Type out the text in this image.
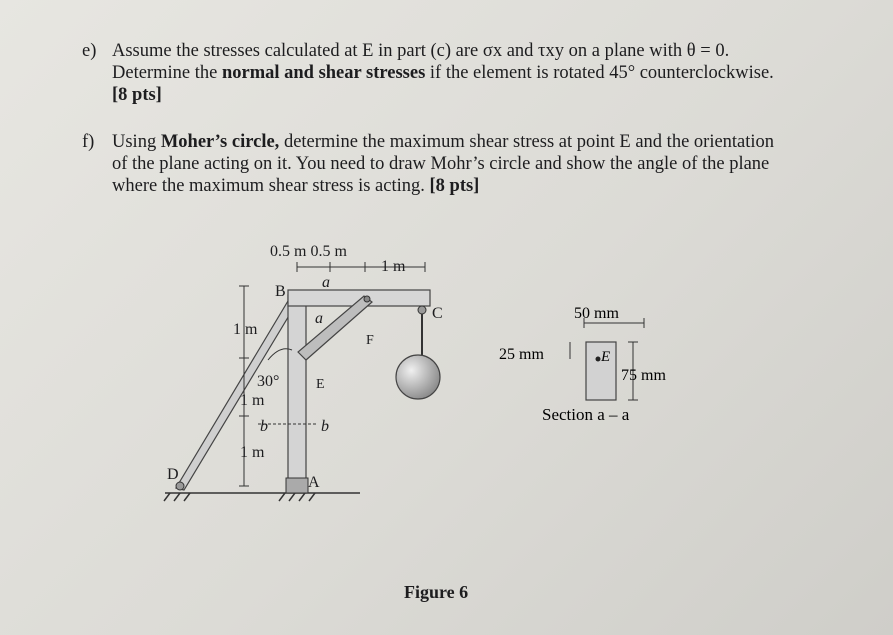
e) Assume the stresses calculated at E in part (c) are σx and τxy on a plane with θ = 0.
Determine the normal and shear stresses if the element is rotated 45° counterclockwise.
[8 pts]
f) Using Moher’s circle, determine the maximum shear stress at point E and the orientation
of the plane acting on it. You need to draw Mohr’s circle and show the angle of the plane
where the maximum shear stress is acting. [8 pts]
0.5 m 0.5 m
1 m
a
a
B
C
D	A
E
F
1 m
1 m
1 m
30°
b	b
50 mm
75 mm
25 mm	E
Section a – a
Figure 6
